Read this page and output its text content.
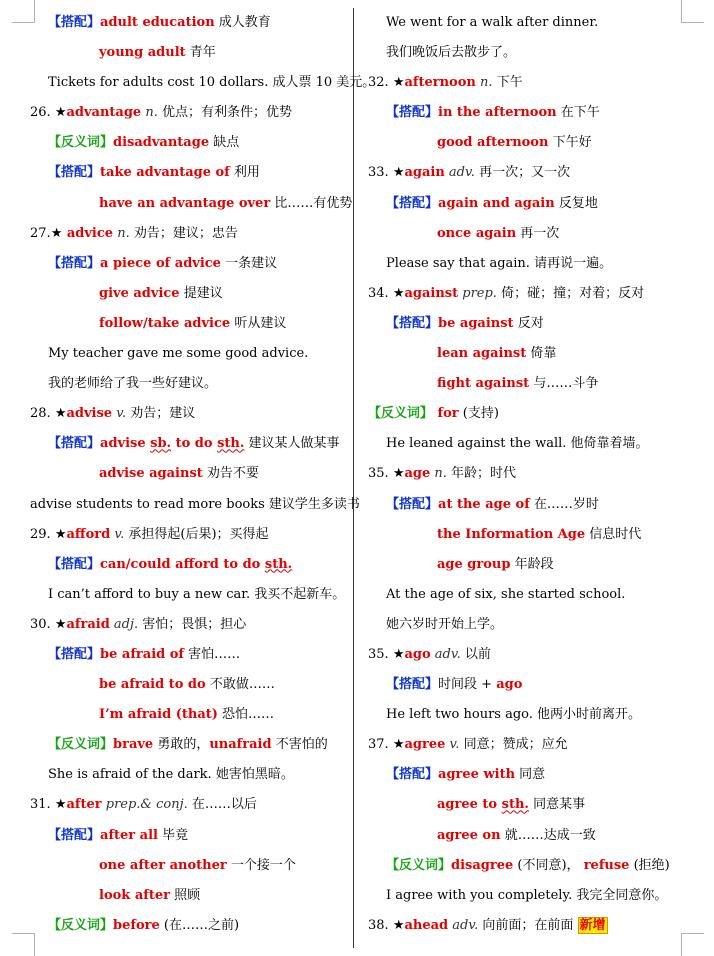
【搭配】adult education 成人教育
young adult 青年
Tickets for adults cost 10 dollars. 成人票 10 美元。
26. ★advantage n. 优点；有利条件；优势
【反义词】disadvantage 缺点
【搭配】take advantage of 利用
have an advantage over 比……有优势
27.★ advice n. 劝告；建议；忠告
【搭配】a piece of advice 一条建议
give advice 提建议
follow/take advice 听从建议
My teacher gave me some good advice.
我的老师给了我一些好建议。
28. ★advise v. 劝告；建议
【搭配】advise sb. to do sth. 建议某人做某事
advise against 劝告不要
advise students to read more books 建议学生多读书
29. ★afford v. 承担得起(后果)；买得起
【搭配】can/could afford to do sth.
I can’t afford to buy a new car. 我买不起新车。
30. ★afraid adj. 害怕；畏惧；担心
【搭配】be afraid of 害怕……
be afraid to do 不敢做……
I’m afraid (that) 恐怕……
【反义词】brave 勇敢的，unafraid 不害怕的
She is afraid of the dark. 她害怕黑暗。
31. ★after prep.& conj. 在……以后
【搭配】after all 毕竟
one after another 一个接一个
look after 照顾
【反义词】before (在……之前)
We went for a walk after dinner.
我们晚饭后去散步了。
32. ★afternoon n. 下午
【搭配】in the afternoon 在下午
good afternoon 下午好
33. ★again adv. 再一次；又一次
【搭配】again and again 反复地
once again 再一次
Please say that again. 请再说一遍。
34. ★against prep. 倚；碰；撞；对着；反对
【搭配】be against 反对
lean against 倚靠
fight against 与……斗争
【反义词】 for (支持)
He leaned against the wall. 他倚靠着墙。
35. ★age n. 年龄；时代
【搭配】at the age of 在……岁时
the Information Age 信息时代
age group 年龄段
At the age of six, she started school.
她六岁时开始上学。
35. ★ago adv. 以前
【搭配】时间段 + ago
He left two hours ago. 他两小时前离开。
37. ★agree v. 同意；赞成；应允
【搭配】agree with 同意
agree to sth. 同意某事
agree on 就……达成一致
【反义词】disagree (不同意)， refuse (拒绝)
I agree with you completely. 我完全同意你。
38. ★ahead adv. 向前面；在前面 新增
